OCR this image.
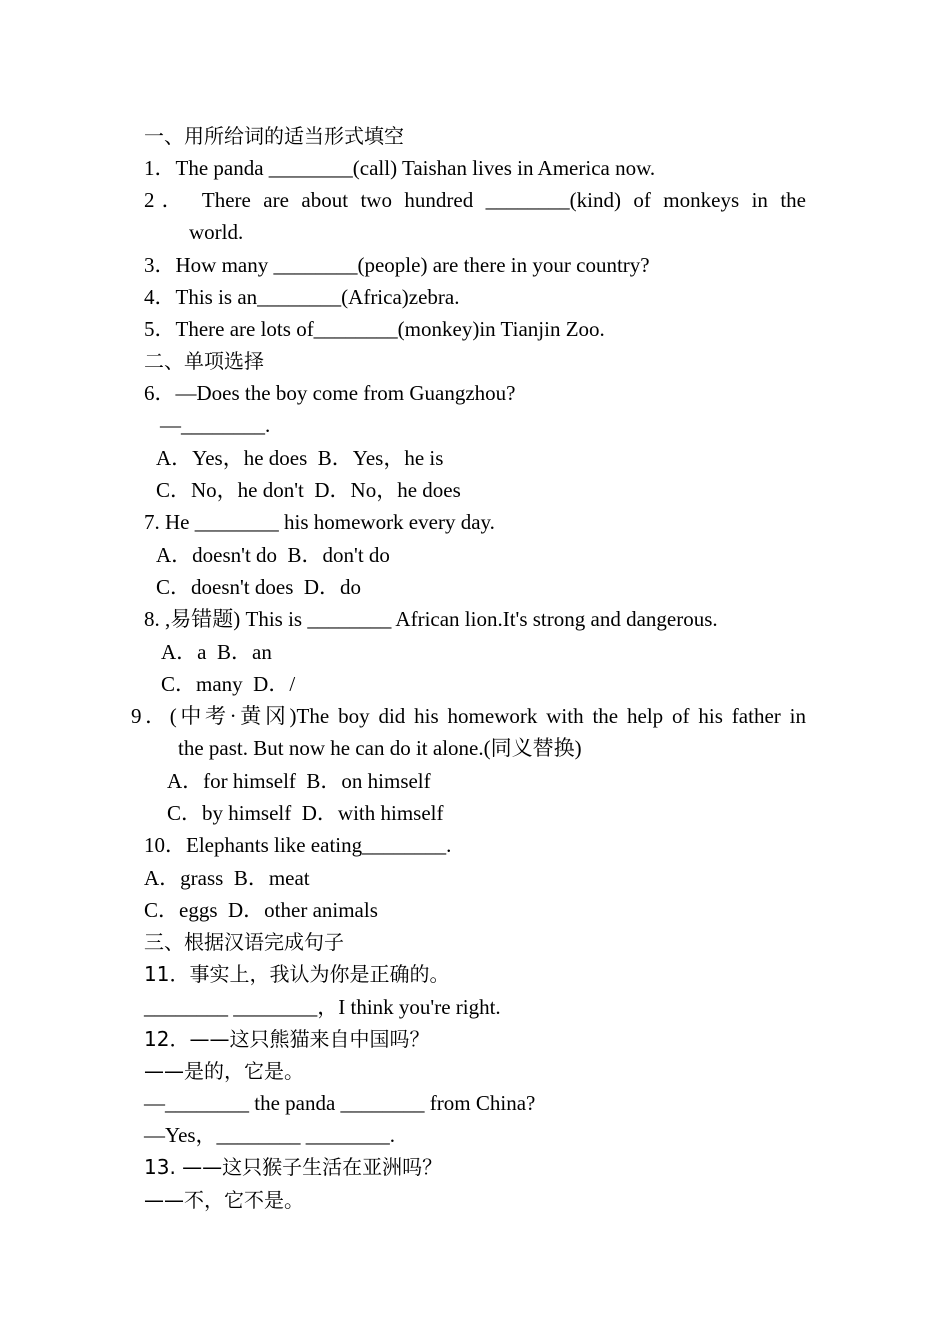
一、用所给词的适当形式填空
1．The panda ________(call) Taishan lives in America now.
2． There are about two hundred ________(kind) of monkeys in the
world.
3．How many ________(people) are there in your country?
4．This is an________(Africa)zebra.
5．There are lots of________(monkey)in Tianjin Zoo.
二、单项选择
6．—Does the boy come from Guangzhou?
—________.
A．Yes，he does  B．Yes，he is
C．No，he don't  D．No，he does
7. He ________ his homework every day.
A．doesn't do  B．don't do
C．doesn't does  D．do
8. ,易错题) This is ________ African lion.It's strong and dangerous.
A．a  B．an
C．many  D．/
9．(中考·黄冈)The boy did his homework with the help of his father in
the past. But now he can do it alone.(同义替换)
A．for himself  B．on himself
C．by himself  D．with himself
10．Elephants like eating________.
A．grass  B．meat
C．eggs  D．other animals
三、根据汉语完成句子
11．事实上，我认为你是正确的。
________ ________，I think you're right.
12．——这只熊猫来自中国吗？
——是的，它是。
—________ the panda ________ from China?
—Yes，________ ________.
13. ——这只猴子生活在亚洲吗？
——不，它不是。
